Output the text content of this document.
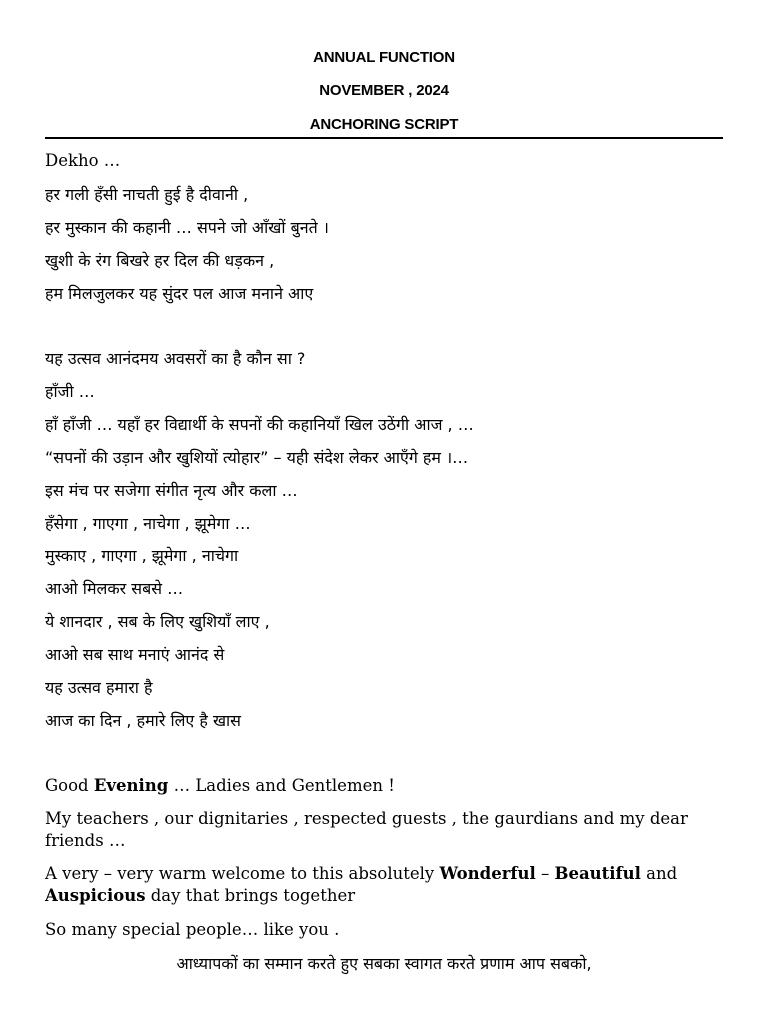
ANNUAL FUNCTION
NOVEMBER , 2024
ANCHORING SCRIPT
Dekho …
हर गली हँसी नाचती हुई है दीवानी ,
हर मुस्कान की कहानी … सपने जो आँखों बुनते ।
खुशी के रंग बिखरे हर दिल की धड़कन ,
हम मिलजुलकर यह सुंदर पल आज मनाने आए
यह उत्सव आनंदमय अवसरों का है कौन सा ?
हाँजी …
हाँ हाँजी … यहाँ हर विद्यार्थी के सपनों की कहानियाँ खिल उठेंगी आज , …
“सपनों की उड़ान और खुशियों त्योहार” – यही संदेश लेकर आएँगे हम ।…
इस मंच पर सजेगा संगीत नृत्य और कला …
हँसेगा , गाएगा , नाचेगा , झूमेगा …
मुस्काए , गाएगा , झूमेगा , नाचेगा
आओ मिलकर सबसे …
ये शानदार , सब के लिए खुशियाँ लाए ,
आओ सब साथ मनाएं आनंद से
यह उत्सव हमारा है
आज का दिन , हमारे लिए है खास
Good Evening … Ladies and Gentlemen !
My teachers , our dignitaries , respected guests , the gaurdians and my dear friends …
A very – very warm welcome to this absolutely Wonderful – Beautiful and Auspicious day that brings together
So many special people… like you .
आध्यापकों का सम्मान करते हुए सबका स्वागत करते प्रणाम आप सबको,
